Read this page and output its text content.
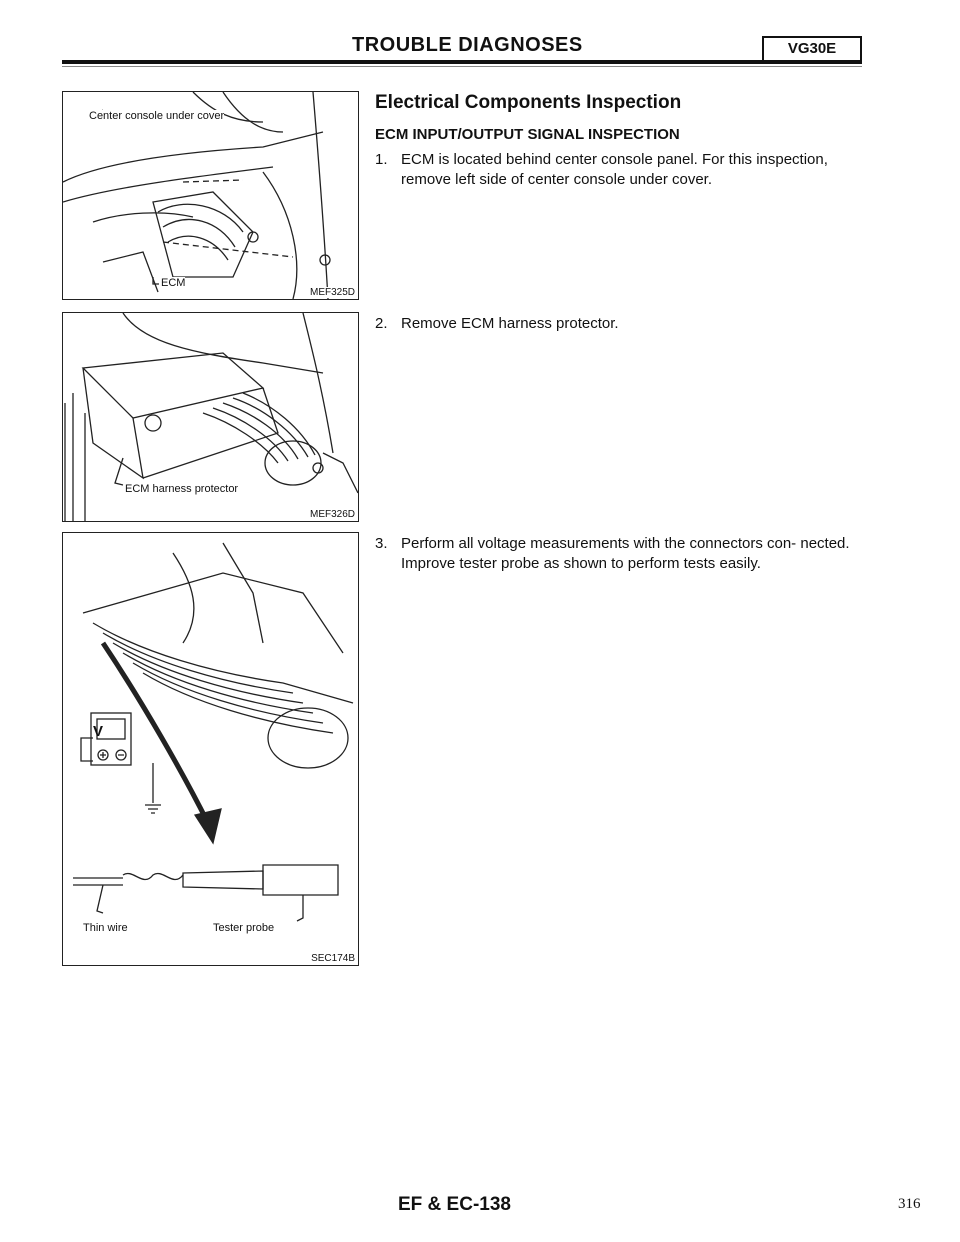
TROUBLE DIAGNOSES	VG30E
Center console under cover
ECM
MEF325D
ECM harness protector
MEF326D
V
Thin wire	Tester probe
SEC174B
Electrical Components Inspection
ECM INPUT/OUTPUT SIGNAL INSPECTION
1. ECM is located behind center console panel. For this inspection, remove left side of center console under cover.
2. Remove ECM harness protector.
3. Perform all voltage measurements with the connectors con- nected.
Improve tester probe as shown to perform tests easily.
EF & EC-138	316
